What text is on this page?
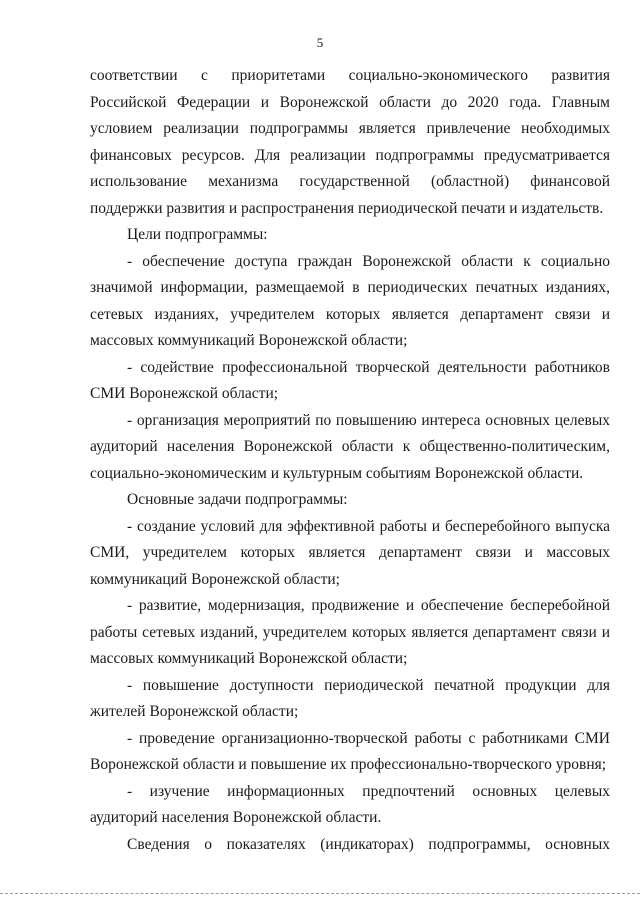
5

соответствии с приоритетами социально-экономического развития Российской Федерации и Воронежской области до 2020 года. Главным условием реализации подпрограммы является привлечение необходимых финансовых ресурсов. Для реализации подпрограммы предусматривается использование механизма государственной (областной) финансовой поддержки развития и распространения периодической печати и издательств.

Цели подпрограммы:

- обеспечение доступа граждан Воронежской области к социально значимой информации, размещаемой в периодических печатных изданиях, сетевых изданиях, учредителем которых является департамент связи и массовых коммуникаций Воронежской области;

- содействие профессиональной творческой деятельности работников СМИ Воронежской области;

- организация мероприятий по повышению интереса основных целевых аудиторий населения Воронежской области к общественно-политическим, социально-экономическим и культурным событиям Воронежской области.

Основные задачи подпрограммы:

- создание условий для эффективной работы и бесперебойного выпуска СМИ, учредителем которых является департамент связи и массовых коммуникаций Воронежской области;

- развитие, модернизация, продвижение и обеспечение бесперебойной работы сетевых изданий, учредителем которых является департамент связи и массовых коммуникаций Воронежской области;

- повышение доступности периодической печатной продукции для жителей Воронежской области;

- проведение организационно-творческой работы с работниками СМИ Воронежской области и повышение их профессионально-творческого уровня;

- изучение информационных предпочтений основных целевых аудиторий населения Воронежской области.

Сведения о показателях (индикаторах) подпрограммы, основных
